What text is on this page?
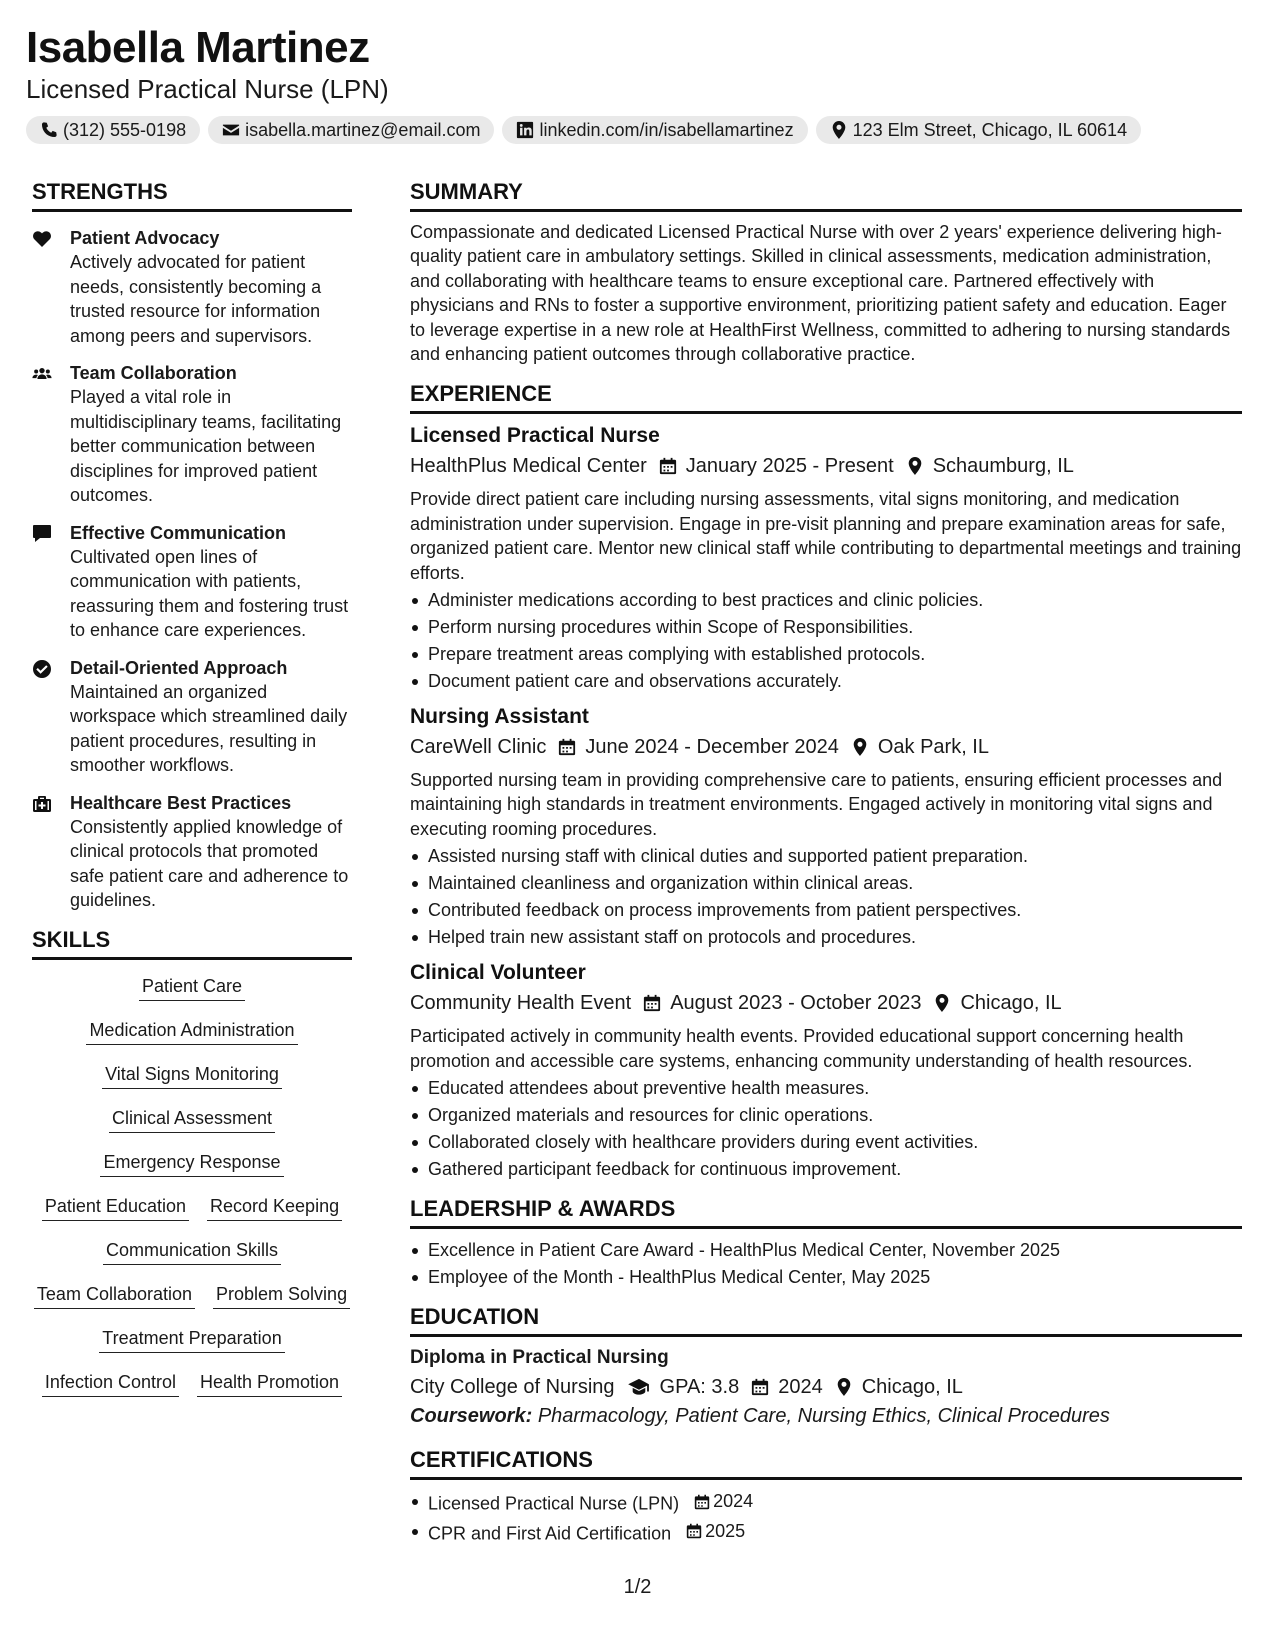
Isabella Martinez
Licensed Practical Nurse (LPN)
(312) 555-0198	isabella.martinez@email.com	linkedin.com/in/isabellamartinez	123 Elm Street, Chicago, IL 60614
STRENGTHS
Patient Advocacy
Actively advocated for patient needs, consistently becoming a trusted resource for information among peers and supervisors.
Team Collaboration
Played a vital role in multidisciplinary teams, facilitating better communication between disciplines for improved patient outcomes.
Effective Communication
Cultivated open lines of communication with patients, reassuring them and fostering trust to enhance care experiences.
Detail-Oriented Approach
Maintained an organized workspace which streamlined daily patient procedures, resulting in smoother workflows.
Healthcare Best Practices
Consistently applied knowledge of clinical protocols that promoted safe patient care and adherence to guidelines.
SKILLS
Patient Care
Medication Administration
Vital Signs Monitoring
Clinical Assessment
Emergency Response
Patient Education Record Keeping
Communication Skills
Team Collaboration Problem Solving
Treatment Preparation
Infection Control Health Promotion
SUMMARY
Compassionate and dedicated Licensed Practical Nurse with over 2 years' experience delivering high-quality patient care in ambulatory settings. Skilled in clinical assessments, medication administration, and collaborating with healthcare teams to ensure exceptional care. Partnered effectively with physicians and RNs to foster a supportive environment, prioritizing patient safety and education. Eager to leverage expertise in a new role at HealthFirst Wellness, committed to adhering to nursing standards and enhancing patient outcomes through collaborative practice.
EXPERIENCE
Licensed Practical Nurse
HealthPlus Medical Center January 2025 - Present Schaumburg, IL
Provide direct patient care including nursing assessments, vital signs monitoring, and medication administration under supervision. Engage in pre-visit planning and prepare examination areas for safe, organized patient care. Mentor new clinical staff while contributing to departmental meetings and training efforts.
Administer medications according to best practices and clinic policies.
Perform nursing procedures within Scope of Responsibilities.
Prepare treatment areas complying with established protocols.
Document patient care and observations accurately.
Nursing Assistant
CareWell Clinic June 2024 - December 2024 Oak Park, IL
Supported nursing team in providing comprehensive care to patients, ensuring efficient processes and maintaining high standards in treatment environments. Engaged actively in monitoring vital signs and executing rooming procedures.
Assisted nursing staff with clinical duties and supported patient preparation.
Maintained cleanliness and organization within clinical areas.
Contributed feedback on process improvements from patient perspectives.
Helped train new assistant staff on protocols and procedures.
Clinical Volunteer
Community Health Event August 2023 - October 2023 Chicago, IL
Participated actively in community health events. Provided educational support concerning health promotion and accessible care systems, enhancing community understanding of health resources.
Educated attendees about preventive health measures.
Organized materials and resources for clinic operations.
Collaborated closely with healthcare providers during event activities.
Gathered participant feedback for continuous improvement.
LEADERSHIP & AWARDS
Excellence in Patient Care Award - HealthPlus Medical Center, November 2025
Employee of the Month - HealthPlus Medical Center, May 2025
EDUCATION
Diploma in Practical Nursing
City College of Nursing GPA: 3.8 2024 Chicago, IL
Coursework: Pharmacology, Patient Care, Nursing Ethics, Clinical Procedures
CERTIFICATIONS
Licensed Practical Nurse (LPN) 2024
CPR and First Aid Certification 2025
1/2
